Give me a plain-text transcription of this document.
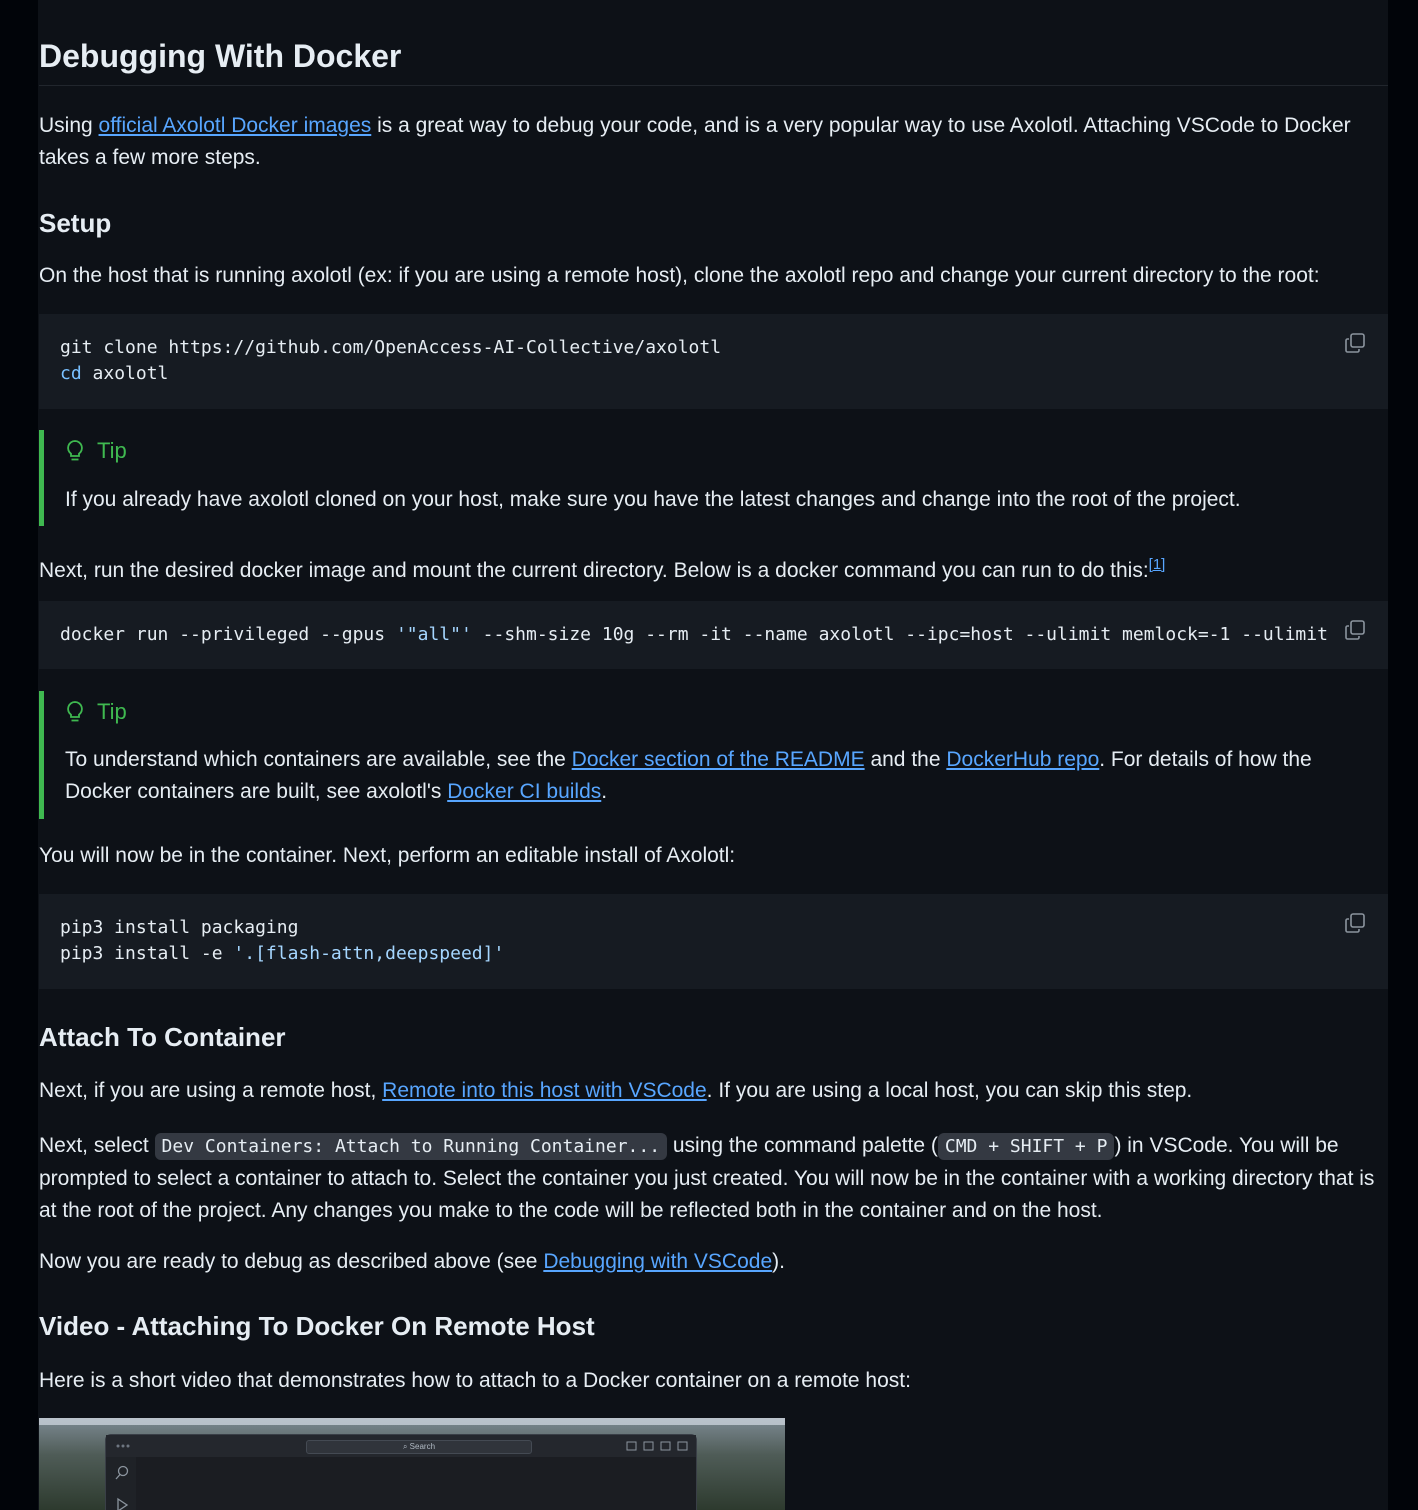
Debugging With Docker

Using official Axolotl Docker images is a great way to debug your code, and is a very popular way to use Axolotl. Attaching VSCode to Docker takes a few more steps.

Setup

On the host that is running axolotl (ex: if you are using a remote host), clone the axolotl repo and change your current directory to the root:

git clone https://github.com/OpenAccess-AI-Collective/axolotl
cd axolotl
Tip
If you already have axolotl cloned on your host, make sure you have the latest changes and change into the root of the project.

Next, run the desired docker image and mount the current directory. Below is a docker command you can run to do this:[1]

docker run --privileged --gpus '"all"' --shm-size 10g --rm -it --name axolotl --ipc=host --ulimit memlock=-1 --ulimit
Tip
To understand which containers are available, see the Docker section of the README and the DockerHub repo. For details of how the Docker containers are built, see axolotl's Docker CI builds.

You will now be in the container. Next, perform an editable install of Axolotl:

pip3 install packaging
pip3 install -e '.[flash-attn,deepspeed]'
Attach To Container

Next, if you are using a remote host, Remote into this host with VSCode. If you are using a local host, you can skip this step.

Next, select Dev Containers: Attach to Running Container... using the command palette ( CMD + SHIFT + P ) in VSCode. You will be prompted to select a container to attach to. Select the container you just created. You will now be in the container with a working directory that is at the root of the project. Any changes you make to the code will be reflected both in the container and on the host.

Now you are ready to debug as described above (see Debugging with VSCode).

Video - Attaching To Docker On Remote Host

Here is a short video that demonstrates how to attach to a Docker container on a remote host:

⌕ Search
